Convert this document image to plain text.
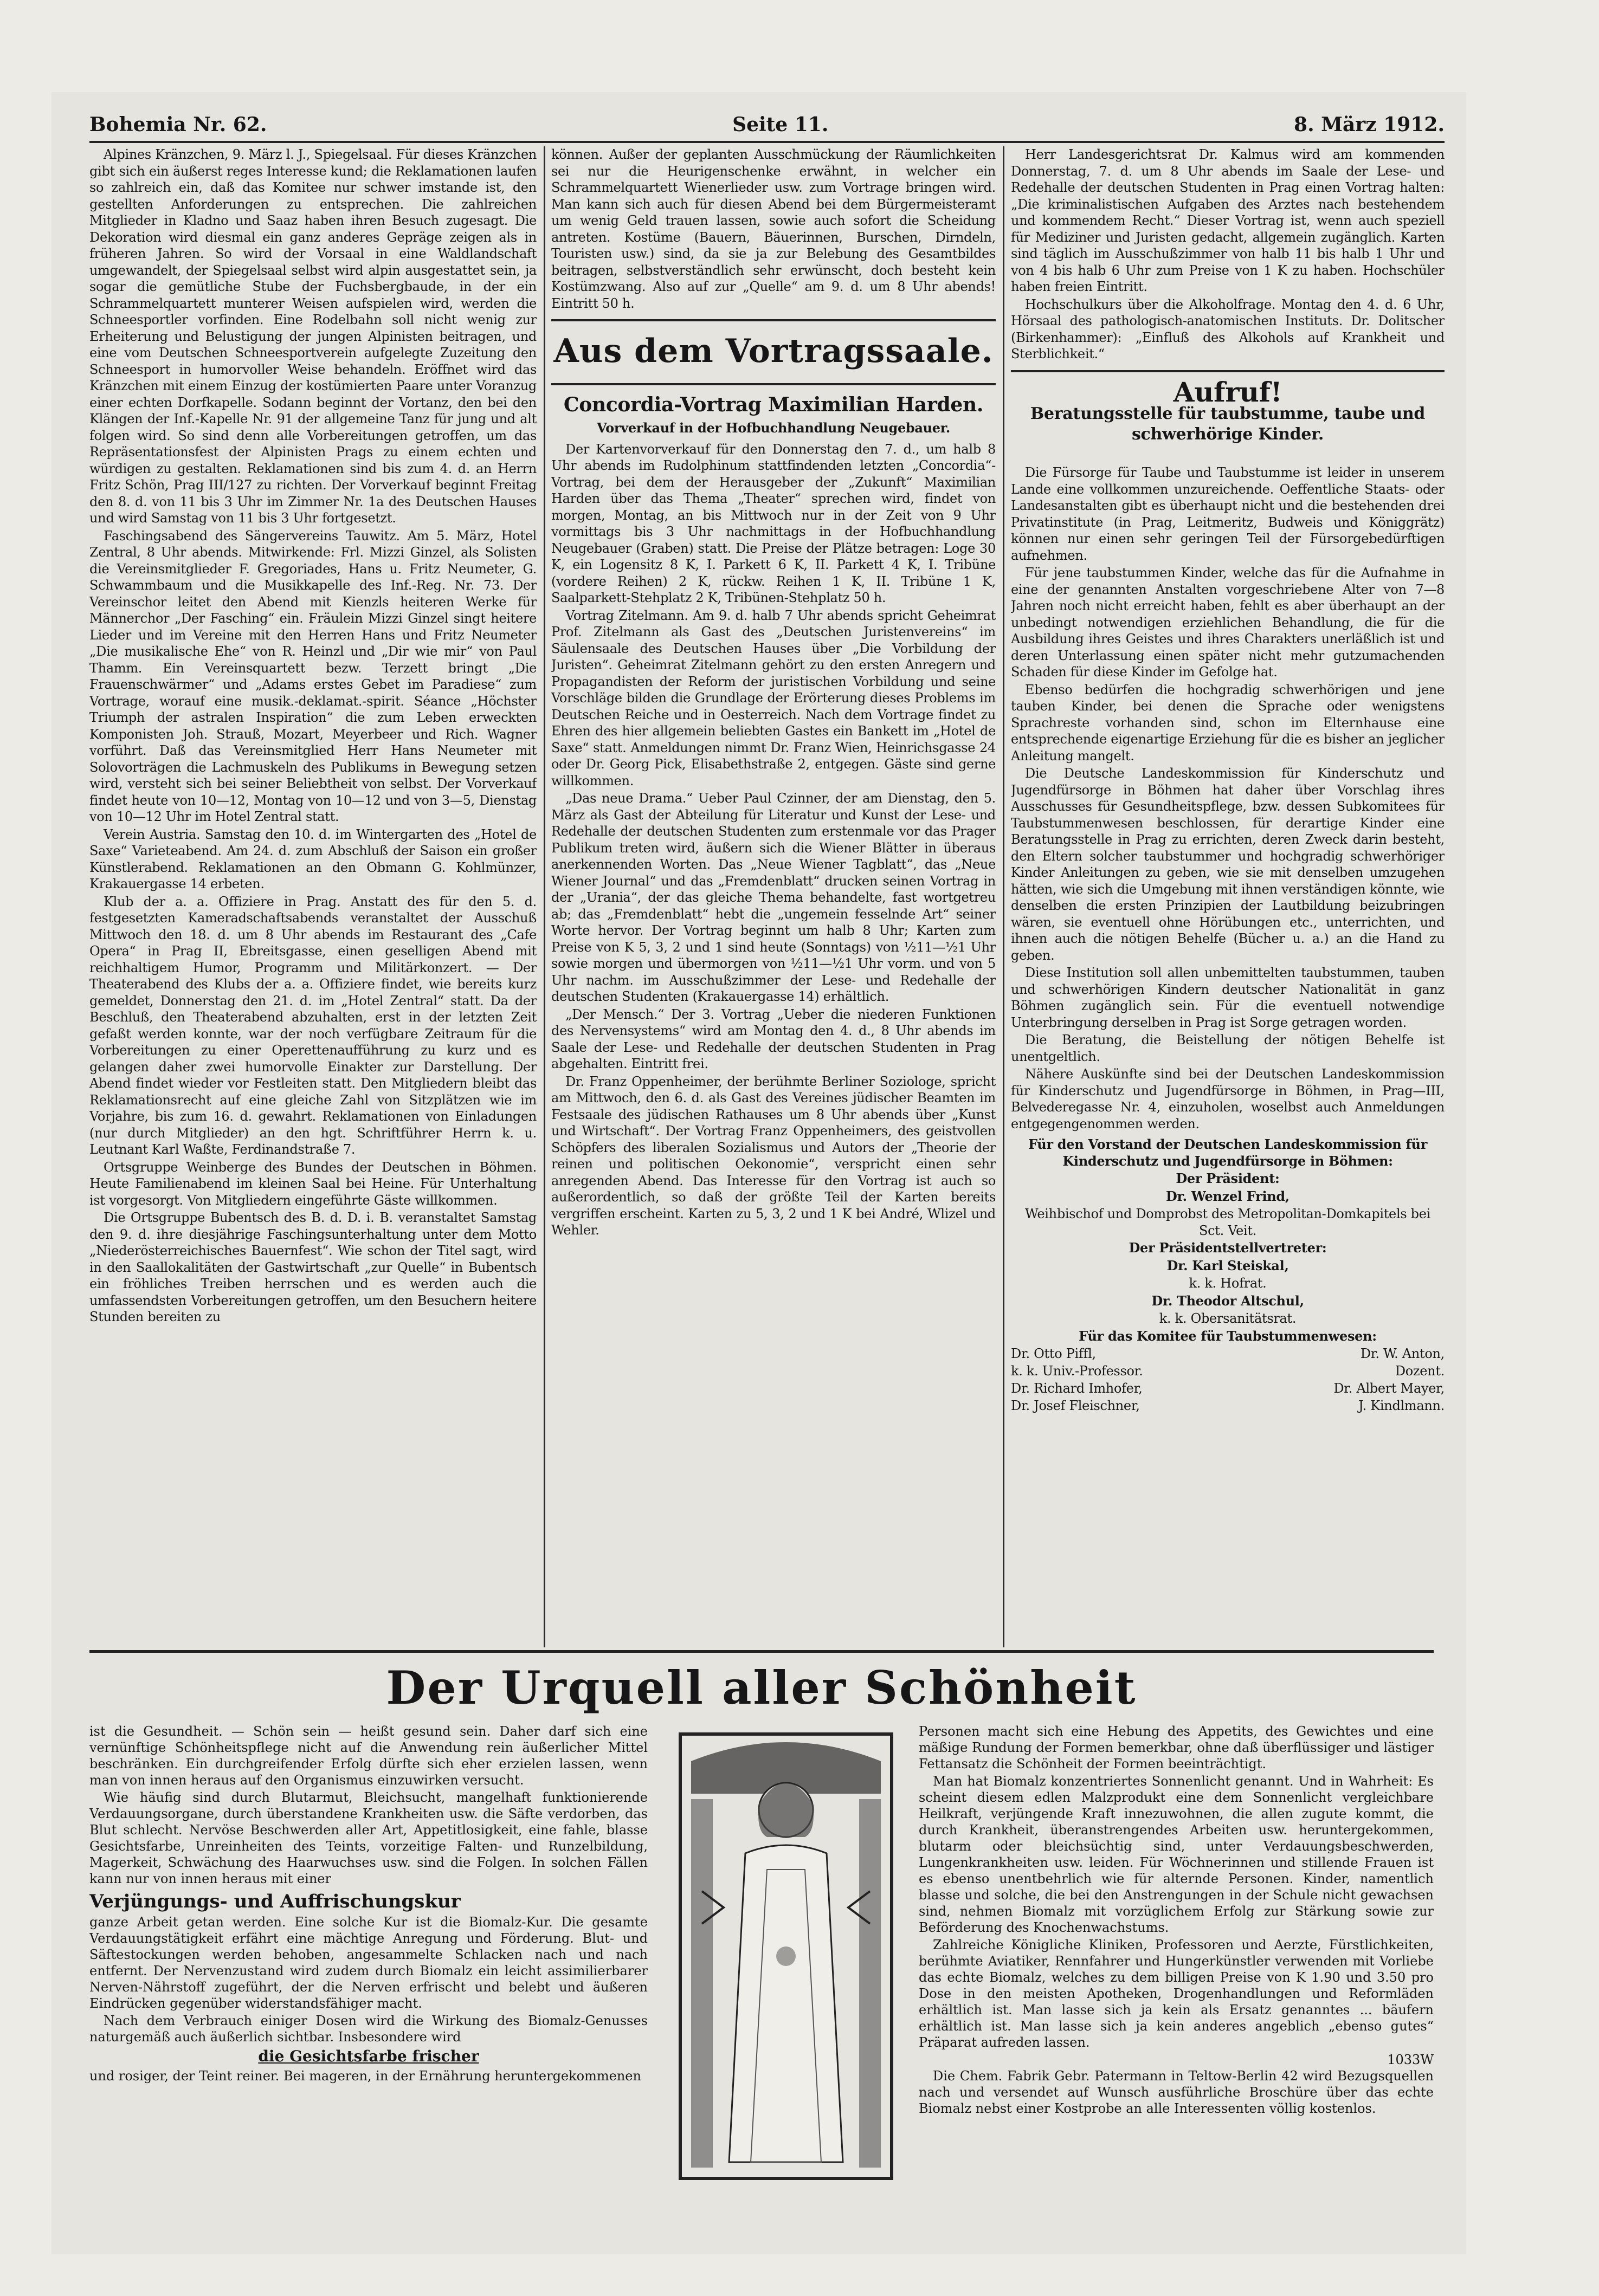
Bohemia Nr. 62.	Seite 11.	8. März 1912.

Alpines Kränzchen, 9. März l. J., Spiegelsaal. Für dieses Kränzchen gibt sich ein äußerst reges Interesse kund; die Reklamationen laufen so zahlreich ein, daß das Komitee nur schwer imstande ist, den gestellten Anforderungen zu entsprechen. Die zahlreichen Mitglieder in Kladno und Saaz haben ihren Besuch zugesagt. Die Dekoration wird diesmal ein ganz anderes Gepräge zeigen als in früheren Jahren. So wird der Vorsaal in eine Waldlandschaft umgewandelt, der Spiegelsaal selbst wird alpin ausgestattet sein, ja sogar die gemütliche Stube der Fuchsbergbaude, in der ein Schrammelquartett munterer Weisen aufspielen wird, werden die Schneesportler vorfinden. Eine Rodelbahn soll nicht wenig zur Erheiterung und Belustigung der jungen Alpinisten beitragen, und eine vom Deutschen Schneesportverein aufgelegte Zuzeitung den Schneesport in humorvoller Weise behandeln. Eröffnet wird das Kränzchen mit einem Einzug der kostümierten Paare unter Voranzug einer echten Dorfkapelle. Sodann beginnt der Vortanz, den bei den Klängen der Inf.-Kapelle Nr. 91 der allgemeine Tanz für jung und alt folgen wird. So sind denn alle Vorbereitungen getroffen, um das Repräsentationsfest der Alpinisten Prags zu einem echten und würdigen zu gestalten. Reklamationen sind bis zum 4. d. an Herrn Fritz Schön, Prag III/127 zu richten. Der Vorverkauf beginnt Freitag den 8. d. von 11 bis 3 Uhr im Zimmer Nr. 1a des Deutschen Hauses und wird Samstag von 11 bis 3 Uhr fortgesetzt.

Faschingsabend des Sängervereins Tauwitz. Am 5. März, Hotel Zentral, 8 Uhr abends. Mitwirkende: Frl. Mizzi Ginzel, als Solisten die Vereinsmitglieder F. Gregoriades, Hans u. Fritz Neumeter, G. Schwammbaum und die Musikkapelle des Inf.-Reg. Nr. 73. Der Vereinschor leitet den Abend mit Kienzls heiteren Werke für Männerchor „Der Fasching“ ein. Fräulein Mizzi Ginzel singt heitere Lieder und im Vereine mit den Herren Hans und Fritz Neumeter „Die musikalische Ehe“ von R. Heinzl und „Dir wie mir“ von Paul Thamm. Ein Vereinsquartett bezw. Terzett bringt „Die Frauenschwärmer“ und „Adams erstes Gebet im Paradiese“ zum Vortrage, worauf eine musik.-deklamat.-spirit. Séance „Höchster Triumph der astralen Inspiration“ die zum Leben erweckten Komponisten Joh. Strauß, Mozart, Meyerbeer und Rich. Wagner vorführt. Daß das Vereinsmitglied Herr Hans Neumeter mit Solovorträgen die Lachmuskeln des Publikums in Bewegung setzen wird, versteht sich bei seiner Beliebtheit von selbst. Der Vorverkauf findet heute von 10—12, Montag von 10—12 und von 3—5, Dienstag von 10—12 Uhr im Hotel Zentral statt.

Verein Austria. Samstag den 10. d. im Wintergarten des „Hotel de Saxe“ Varieteabend. Am 24. d. zum Abschluß der Saison ein großer Künstlerabend. Reklamationen an den Obmann G. Kohlmünzer, Krakauergasse 14 erbeten.

Klub der a. a. Offiziere in Prag. Anstatt des für den 5. d. festgesetzten Kameradschaftsabends veranstaltet der Ausschuß Mittwoch den 18. d. um 8 Uhr abends im Restaurant des „Cafe Opera“ in Prag II, Ebreitsgasse, einen geselligen Abend mit reichhaltigem Humor, Programm und Militärkonzert. — Der Theaterabend des Klubs der a. a. Offiziere findet, wie bereits kurz gemeldet, Donnerstag den 21. d. im „Hotel Zentral“ statt. Da der Beschluß, den Theaterabend abzuhalten, erst in der letzten Zeit gefaßt werden konnte, war der noch verfügbare Zeitraum für die Vorbereitungen zu einer Operettenaufführung zu kurz und es gelangen daher zwei humorvolle Einakter zur Darstellung. Der Abend findet wieder vor Festleiten statt. Den Mitgliedern bleibt das Reklamationsrecht auf eine gleiche Zahl von Sitzplätzen wie im Vorjahre, bis zum 16. d. gewahrt. Reklamationen von Einladungen (nur durch Mitglieder) an den hgt. Schriftführer Herrn k. u. Leutnant Karl Waßte, Ferdinandstraße 7.

Ortsgruppe Weinberge des Bundes der Deutschen in Böhmen. Heute Familienabend im kleinen Saal bei Heine. Für Unterhaltung ist vorgesorgt. Von Mitgliedern eingeführte Gäste willkommen.

Die Ortsgruppe Bubentsch des B. d. D. i. B. veranstaltet Samstag den 9. d. ihre diesjährige Faschingsunterhaltung unter dem Motto „Niederösterreichisches Bauernfest“. Wie schon der Titel sagt, wird in den Saallokalitäten der Gastwirtschaft „zur Quelle“ in Bubentsch ein fröhliches Treiben herrschen und es werden auch die umfassendsten Vorbereitungen getroffen, um den Besuchern heitere Stunden bereiten zu

können. Außer der geplanten Ausschmückung der Räumlichkeiten sei nur die Heurigenschenke erwähnt, in welcher ein Schrammelquartett Wienerlieder usw. zum Vortrage bringen wird. Man kann sich auch für diesen Abend bei dem Bürgermeisteramt um wenig Geld trauen lassen, sowie auch sofort die Scheidung antreten. Kostüme (Bauern, Bäuerinnen, Burschen, Dirndeln, Touristen usw.) sind, da sie ja zur Belebung des Gesamtbildes beitragen, selbstverständlich sehr erwünscht, doch besteht kein Kostümzwang. Also auf zur „Quelle“ am 9. d. um 8 Uhr abends! Eintritt 50 h.

Aus dem Vortragssaale.
Concordia-Vortrag Maximilian Harden.
Vorverkauf in der Hofbuchhandlung Neugebauer.

Der Kartenvorverkauf für den Donnerstag den 7. d., um halb 8 Uhr abends im Rudolphinum stattfindenden letzten „Concordia“-Vortrag, bei dem der Herausgeber der „Zukunft“ Maximilian Harden über das Thema „Theater“ sprechen wird, findet von morgen, Montag, an bis Mittwoch nur in der Zeit von 9 Uhr vormittags bis 3 Uhr nachmittags in der Hofbuchhandlung Neugebauer (Graben) statt. Die Preise der Plätze betragen: Loge 30 K, ein Logensitz 8 K, I. Parkett 6 K, II. Parkett 4 K, I. Tribüne (vordere Reihen) 2 K, rückw. Reihen 1 K, II. Tribüne 1 K, Saalparkett-Stehplatz 2 K, Tribünen-Stehplatz 50 h.

Vortrag Zitelmann. Am 9. d. halb 7 Uhr abends spricht Geheimrat Prof. Zitelmann als Gast des „Deutschen Juristenvereins“ im Säulensaale des Deutschen Hauses über „Die Vorbildung der Juristen“. Geheimrat Zitelmann gehört zu den ersten Anregern und Propagandisten der Reform der juristischen Vorbildung und seine Vorschläge bilden die Grundlage der Erörterung dieses Problems im Deutschen Reiche und in Oesterreich. Nach dem Vortrage findet zu Ehren des hier allgemein beliebten Gastes ein Bankett im „Hotel de Saxe“ statt. Anmeldungen nimmt Dr. Franz Wien, Heinrichsgasse 24 oder Dr. Georg Pick, Elisabethstraße 2, entgegen. Gäste sind gerne willkommen.

„Das neue Drama.“ Ueber Paul Czinner, der am Dienstag, den 5. März als Gast der Abteilung für Literatur und Kunst der Lese- und Redehalle der deutschen Studenten zum erstenmale vor das Prager Publikum treten wird, äußern sich die Wiener Blätter in überaus anerkennenden Worten. Das „Neue Wiener Tagblatt“, das „Neue Wiener Journal“ und das „Fremdenblatt“ drucken seinen Vortrag in der „Urania“, der das gleiche Thema behandelte, fast wortgetreu ab; das „Fremdenblatt“ hebt die „ungemein fesselnde Art“ seiner Worte hervor. Der Vortrag beginnt um halb 8 Uhr; Karten zum Preise von K 5, 3, 2 und 1 sind heute (Sonntags) von ½11—½1 Uhr sowie morgen und übermorgen von ½11—½1 Uhr vorm. und von 5 Uhr nachm. im Ausschußzimmer der Lese- und Redehalle der deutschen Studenten (Krakauergasse 14) erhältlich.

„Der Mensch.“ Der 3. Vortrag „Ueber die niederen Funktionen des Nervensystems“ wird am Montag den 4. d., 8 Uhr abends im Saale der Lese- und Redehalle der deutschen Studenten in Prag abgehalten. Eintritt frei.

Dr. Franz Oppenheimer, der berühmte Berliner Soziologe, spricht am Mittwoch, den 6. d. als Gast des Vereines jüdischer Beamten im Festsaale des jüdischen Rathauses um 8 Uhr abends über „Kunst und Wirtschaft“. Der Vortrag Franz Oppenheimers, des geistvollen Schöpfers des liberalen Sozialismus und Autors der „Theorie der reinen und politischen Oekonomie“, verspricht einen sehr anregenden Abend. Das Interesse für den Vortrag ist auch so außerordentlich, so daß der größte Teil der Karten bereits vergriffen erscheint. Karten zu 5, 3, 2 und 1 K bei André, Wlizel und Wehler.

Herr Landesgerichtsrat Dr. Kalmus wird am kommenden Donnerstag, 7. d. um 8 Uhr abends im Saale der Lese- und Redehalle der deutschen Studenten in Prag einen Vortrag halten: „Die kriminalistischen Aufgaben des Arztes nach bestehendem und kommendem Recht.“ Dieser Vortrag ist, wenn auch speziell für Mediziner und Juristen gedacht, allgemein zugänglich. Karten sind täglich im Ausschußzimmer von halb 11 bis halb 1 Uhr und von 4 bis halb 6 Uhr zum Preise von 1 K zu haben. Hochschüler haben freien Eintritt.

Hochschulkurs über die Alkoholfrage. Montag den 4. d. 6 Uhr, Hörsaal des pathologisch-anatomischen Instituts. Dr. Dolitscher (Birkenhammer): „Einfluß des Alkohols auf Krankheit und Sterblichkeit.“

Aufruf!
Beratungsstelle für taubstumme, taube und schwerhörige Kinder.

Die Fürsorge für Taube und Taubstumme ist leider in unserem Lande eine vollkommen unzureichende. Oeffentliche Staats- oder Landesanstalten gibt es überhaupt nicht und die bestehenden drei Privatinstitute (in Prag, Leitmeritz, Budweis und Königgrätz) können nur einen sehr geringen Teil der Fürsorgebedürftigen aufnehmen.

Für jene taubstummen Kinder, welche das für die Aufnahme in eine der genannten Anstalten vorgeschriebene Alter von 7—8 Jahren noch nicht erreicht haben, fehlt es aber überhaupt an der unbedingt notwendigen erziehlichen Behandlung, die für die Ausbildung ihres Geistes und ihres Charakters unerläßlich ist und deren Unterlassung einen später nicht mehr gutzumachenden Schaden für diese Kinder im Gefolge hat.

Ebenso bedürfen die hochgradig schwerhörigen und jene tauben Kinder, bei denen die Sprache oder wenigstens Sprachreste vorhanden sind, schon im Elternhause eine entsprechende eigenartige Erziehung für die es bisher an jeglicher Anleitung mangelt.

Die Deutsche Landeskommission für Kinderschutz und Jugendfürsorge in Böhmen hat daher über Vorschlag ihres Ausschusses für Gesundheitspflege, bzw. dessen Subkomitees für Taubstummenwesen beschlossen, für derartige Kinder eine Beratungsstelle in Prag zu errichten, deren Zweck darin besteht, den Eltern solcher taubstummer und hochgradig schwerhöriger Kinder Anleitungen zu geben, wie sie mit denselben umzugehen hätten, wie sich die Umgebung mit ihnen verständigen könnte, wie denselben die ersten Prinzipien der Lautbildung beizubringen wären, sie eventuell ohne Hörübungen etc., unterrichten, und ihnen auch die nötigen Behelfe (Bücher u. a.) an die Hand zu geben.

Diese Institution soll allen unbemittelten taubstummen, tauben und schwerhörigen Kindern deutscher Nationalität in ganz Böhmen zugänglich sein. Für die eventuell notwendige Unterbringung derselben in Prag ist Sorge getragen worden.

Die Beratung, die Beistellung der nötigen Behelfe ist unentgeltlich.

Nähere Auskünfte sind bei der Deutschen Landeskommission für Kinderschutz und Jugendfürsorge in Böhmen, in Prag—III, Belvederegasse Nr. 4, einzuholen, woselbst auch Anmeldungen entgegengenommen werden.

Für den Vorstand der Deutschen Landeskommission für Kinderschutz und Jugendfürsorge in Böhmen:

Der Präsident:

Dr. Wenzel Frind,

Weihbischof und Domprobst des Metropolitan-Domkapitels bei Sct. Veit.

Der Präsidentstellvertreter:

Dr. Karl Steiskal,

k. k. Hofrat.

Dr. Theodor Altschul,

k. k. Obersanitätsrat.

Für das Komitee für Taubstummenwesen:

Dr. Otto Piffl,	Dr. W. Anton,
k. k. Univ.-Professor.	Dozent.
Dr. Richard Imhofer,	Dr. Albert Mayer,
Dr. Josef Fleischner,	J. Kindlmann.
Der Urquell aller Schönheit

ist die Gesundheit. — Schön sein — heißt gesund sein. Daher darf sich eine vernünftige Schönheitspflege nicht auf die Anwendung rein äußerlicher Mittel beschränken. Ein durchgreifender Erfolg dürfte sich eher erzielen lassen, wenn man von innen heraus auf den Organismus einzuwirken versucht.

Wie häufig sind durch Blutarmut, Bleichsucht, mangelhaft funktionierende Verdauungsorgane, durch überstandene Krankheiten usw. die Säfte verdorben, das Blut schlecht. Nervöse Beschwerden aller Art, Appetitlosigkeit, eine fahle, blasse Gesichtsfarbe, Unreinheiten des Teints, vorzeitige Falten- und Runzelbildung, Magerkeit, Schwächung des Haarwuchses usw. sind die Folgen. In solchen Fällen kann nur von innen heraus mit einer

Verjüngungs- und Auffrischungskur

ganze Arbeit getan werden. Eine solche Kur ist die Biomalz-Kur. Die gesamte Verdauungstätigkeit erfährt eine mächtige Anregung und Förderung. Blut- und Säftestockungen werden behoben, angesammelte Schlacken nach und nach entfernt. Der Nervenzustand wird zudem durch Biomalz ein leicht assimilierbarer Nerven-Nährstoff zugeführt, der die Nerven erfrischt und belebt und äußeren Eindrücken gegenüber widerstandsfähiger macht.

Nach dem Verbrauch einiger Dosen wird die Wirkung des Biomalz-Genusses naturgemäß auch äußerlich sichtbar. Insbesondere wird

die Gesichtsfarbe frischer

und rosiger, der Teint reiner. Bei mageren, in der Ernährung heruntergekommenen

Personen macht sich eine Hebung des Appetits, des Gewichtes und eine mäßige Rundung der Formen bemerkbar, ohne daß überflüssiger und lästiger Fettansatz die Schönheit der Formen beeinträchtigt.

Man hat Biomalz konzentriertes Sonnenlicht genannt. Und in Wahrheit: Es scheint diesem edlen Malzprodukt eine dem Sonnenlicht vergleichbare Heilkraft, verjüngende Kraft innezuwohnen, die allen zugute kommt, die durch Krankheit, überanstrengendes Arbeiten usw. heruntergekommen, blutarm oder bleichsüchtig sind, unter Verdauungsbeschwerden, Lungenkrankheiten usw. leiden. Für Wöchnerinnen und stillende Frauen ist es ebenso unentbehrlich wie für alternde Personen. Kinder, namentlich blasse und solche, die bei den Anstrengungen in der Schule nicht gewachsen sind, nehmen Biomalz mit vorzüglichem Erfolg zur Stärkung sowie zur Beförderung des Knochenwachstums.

Zahlreiche Königliche Kliniken, Professoren und Aerzte, Fürstlichkeiten, berühmte Aviatiker, Rennfahrer und Hungerkünstler verwenden mit Vorliebe das echte Biomalz, welches zu dem billigen Preise von K 1.90 und 3.50 pro Dose in den meisten Apotheken, Drogenhandlungen und Reformläden erhältlich ist. Man lasse sich ja kein als Ersatz genanntes ... bäufern erhältlich ist. Man lasse sich ja kein anderes angeblich „ebenso gutes“ Präparat aufreden lassen.

1033W

Die Chem. Fabrik Gebr. Patermann in Teltow-Berlin 42 wird Bezugsquellen nach und versendet auf Wunsch ausführliche Broschüre über das echte Biomalz nebst einer Kostprobe an alle Interessenten völlig kostenlos.
